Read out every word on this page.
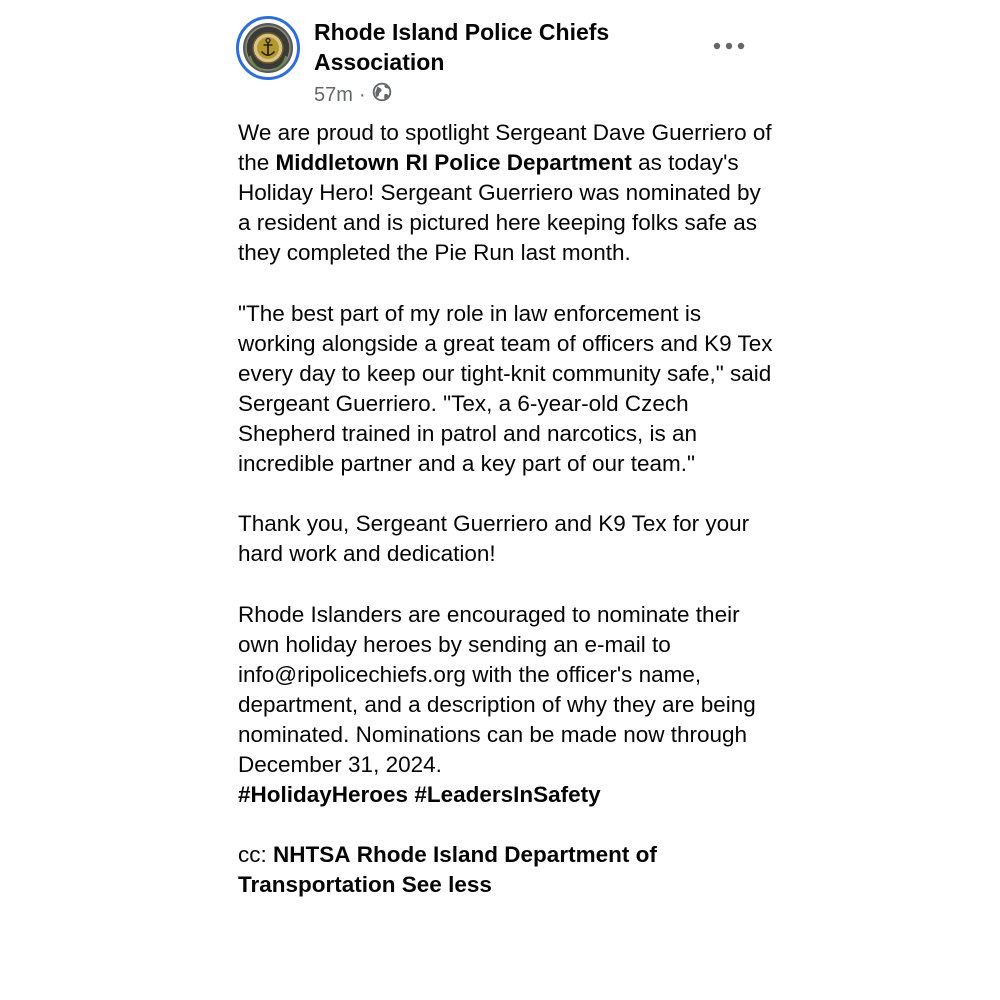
Rhode Island Police Chiefs
Association
57m ·

We are proud to spotlight Sergeant Dave Guerriero of the Middletown RI Police Department as today's Holiday Hero! Sergeant Guerriero was nominated by a resident and is pictured here keeping folks safe as they completed the Pie Run last month.

"The best part of my role in law enforcement is working alongside a great team of officers and K9 Tex every day to keep our tight-knit community safe," said Sergeant Guerriero. "Tex, a 6-year-old Czech Shepherd trained in patrol and narcotics, is an incredible partner and a key part of our team."

Thank you, Sergeant Guerriero and K9 Tex for your hard work and dedication!

Rhode Islanders are encouraged to nominate their own holiday heroes by sending an e-mail to info@ripolicechiefs.org with the officer's name, department, and a description of why they are being nominated. Nominations can be made now through December 31, 2024.
#HolidayHeroes #LeadersInSafety

cc: NHTSA Rhode Island Department of Transportation See less
